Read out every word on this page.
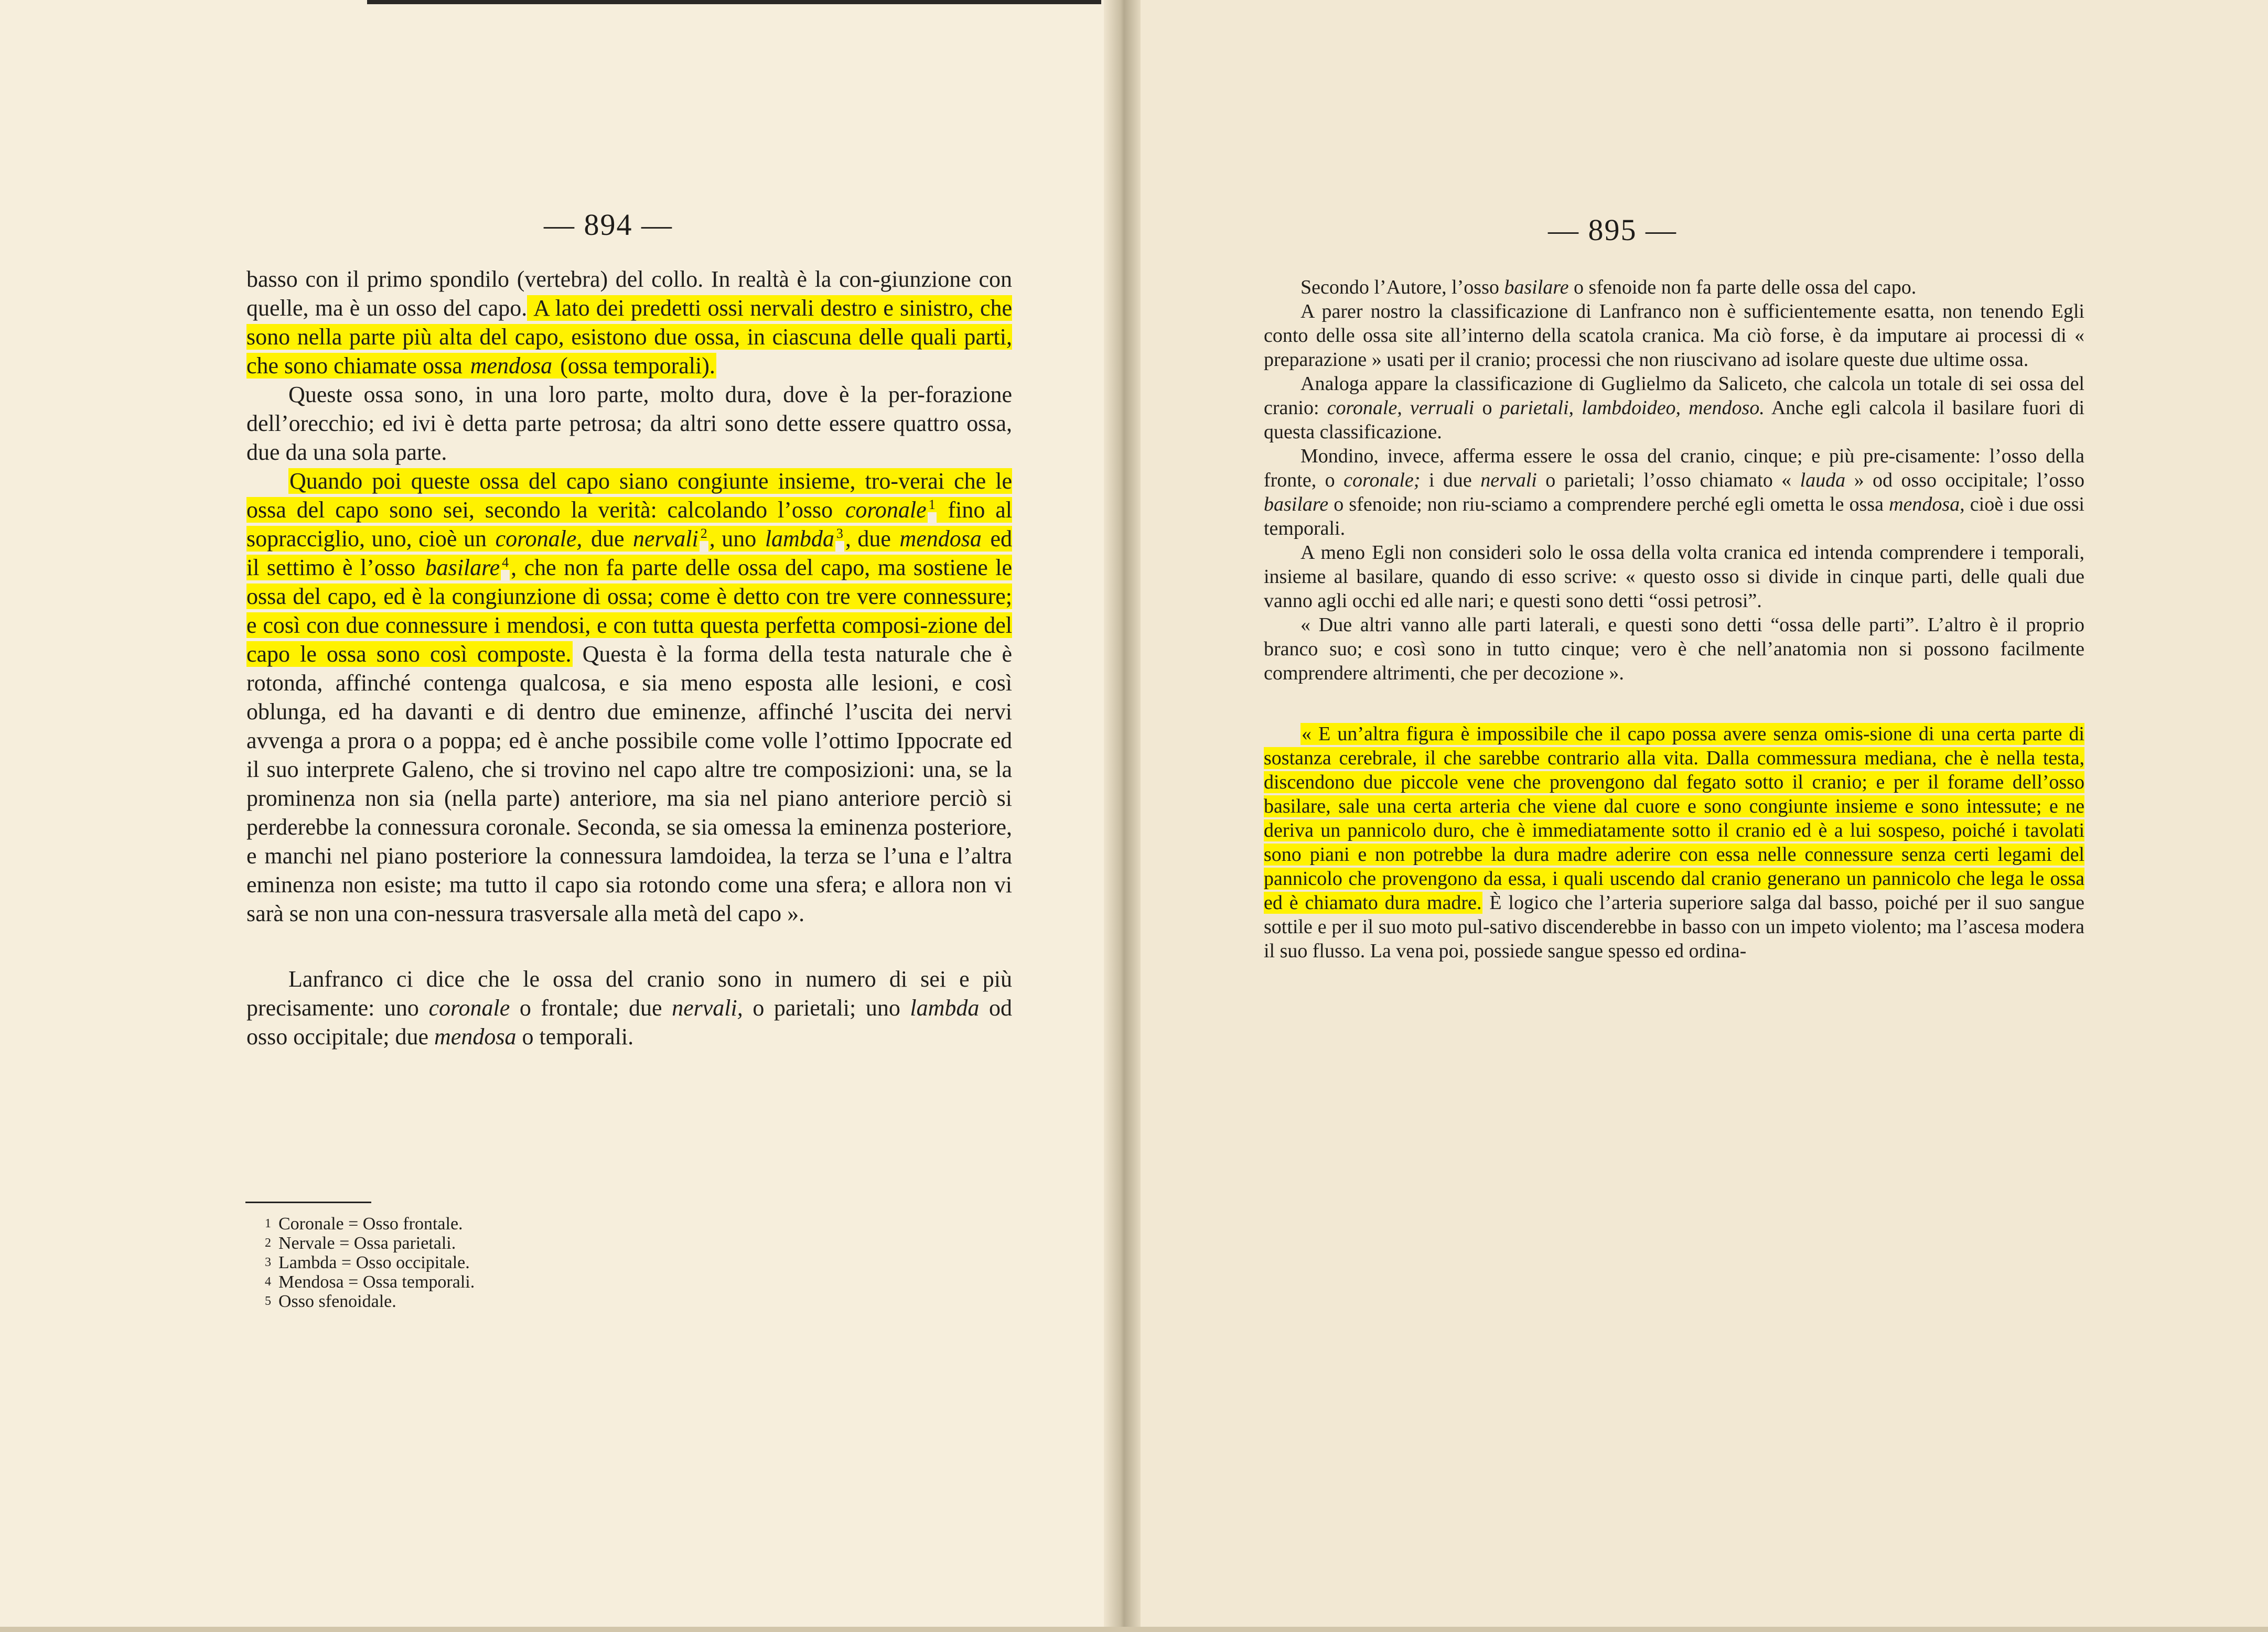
— 894 —

basso con il primo spondilo (vertebra) del collo. In realtà è la con-giunzione con quelle, ma è un osso del capo. A lato dei predetti ossi nervali destro e sinistro, che sono nella parte più alta del capo, esistono due ossa, in ciascuna delle quali parti, che sono chiamate ossa mendosa (ossa temporali).

Queste ossa sono, in una loro parte, molto dura, dove è la per-forazione dell’orecchio; ed ivi è detta parte petrosa; da altri sono dette essere quattro ossa, due da una sola parte.

Quando poi queste ossa del capo siano congiunte insieme, tro-verai che le ossa del capo sono sei, secondo la verità: calcolando l’osso coronale $^1$ fino al sopracciglio, uno, cioè un coronale, due nervali $^2$, uno lambda $^3$, due mendosa ed il settimo è l’osso basilare $^4$, che non fa parte delle ossa del capo, ma sostiene le ossa del capo, ed è la congiunzione di ossa; come è detto con tre vere connessure; e così con due connessure i mendosi, e con tutta questa perfetta composi-zione del capo le ossa sono così composte. Questa è la forma della testa naturale che è rotonda, affinché contenga qualcosa, e sia meno esposta alle lesioni, e così oblunga, ed ha davanti e di dentro due eminenze, affinché l’uscita dei nervi avvenga a prora o a poppa; ed è anche possibile come volle l’ottimo Ippocrate ed il suo interprete Galeno, che si trovino nel capo altre tre composizioni: una, se la prominenza non sia (nella parte) anteriore, ma sia nel piano anteriore perciò si perderebbe la connessura coronale. Seconda, se sia omessa la eminenza posteriore, e manchi nel piano posteriore la connessura lamdoidea, la terza se l’una e l’altra eminenza non esiste; ma tutto il capo sia rotondo come una sfera; e allora non vi sarà se non una con-nessura trasversale alla metà del capo ».

Lanfranco ci dice che le ossa del cranio sono in numero di sei e più precisamente: uno coronale o frontale; due nervali, o parietali; uno lambda od osso occipitale; due mendosa o temporali.

1 Coronale = Osso frontale.
2 Nervale = Ossa parietali.
3 Lambda = Osso occipitale.
4 Mendosa = Ossa temporali.
5 Osso sfenoidale.
— 895 —

Secondo l’Autore, l’osso basilare o sfenoide non fa parte delle ossa del capo.

A parer nostro la classificazione di Lanfranco non è sufficientemente esatta, non tenendo Egli conto delle ossa site all’interno della scatola cranica. Ma ciò forse, è da imputare ai processi di « preparazione » usati per il cranio; processi che non riuscivano ad isolare queste due ultime ossa.

Analoga appare la classificazione di Guglielmo da Saliceto, che calcola un totale di sei ossa del cranio: coronale, verruali o parietali, lambdoideo, mendoso. Anche egli calcola il basilare fuori di questa classificazione.

Mondino, invece, afferma essere le ossa del cranio, cinque; e più pre-cisamente: l’osso della fronte, o coronale; i due nervali o parietali; l’osso chiamato « lauda » od osso occipitale; l’osso basilare o sfenoide; non riu-sciamo a comprendere perché egli ometta le ossa mendosa, cioè i due ossi temporali.

A meno Egli non consideri solo le ossa della volta cranica ed intenda comprendere i temporali, insieme al basilare, quando di esso scrive: « questo osso si divide in cinque parti, delle quali due vanno agli occhi ed alle nari; e questi sono detti “ossi petrosi”.

« Due altri vanno alle parti laterali, e questi sono detti “ossa delle parti”. L’altro è il proprio branco suo; e così sono in tutto cinque; vero è che nell’anatomia non si possono facilmente comprendere altrimenti, che per decozione ».

« E un’altra figura è impossibile che il capo possa avere senza omis-sione di una certa parte di sostanza cerebrale, il che sarebbe contrario alla vita. Dalla commessura mediana, che è nella testa, discendono due piccole vene che provengono dal fegato sotto il cranio; e per il forame dell’osso basilare, sale una certa arteria che viene dal cuore e sono congiunte insieme e sono intessute; e ne deriva un pannicolo duro, che è immediatamente sotto il cranio ed è a lui sospeso, poiché i tavolati sono piani e non potrebbe la dura madre aderire con essa nelle connessure senza certi legami del pannicolo che provengono da essa, i quali uscendo dal cranio generano un pannicolo che lega le ossa ed è chiamato dura madre. È logico che l’arteria superiore salga dal basso, poiché per il suo sangue sottile e per il suo moto pul-sativo discenderebbe in basso con un impeto violento; ma l’ascesa modera il suo flusso. La vena poi, possiede sangue spesso ed ordina-
